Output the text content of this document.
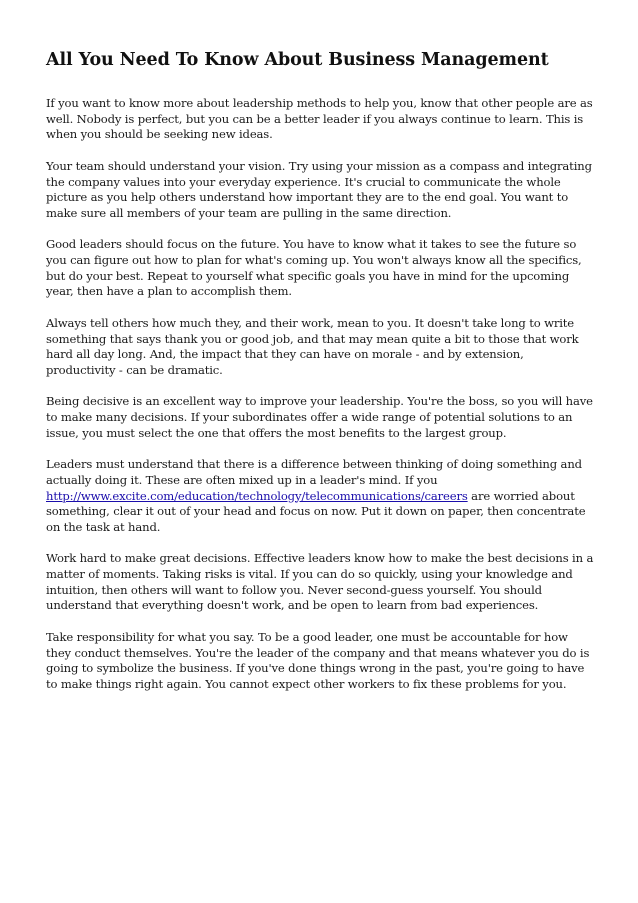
All You Need To Know About Business Management

If you want to know more about leadership methods to help you, know that other people are as well. Nobody is perfect, but you can be a better leader if you always continue to learn. This is when you should be seeking new ideas.

Your team should understand your vision. Try using your mission as a compass and integrating the company values into your everyday experience. It's crucial to communicate the whole picture as you help others understand how important they are to the end goal. You want to make sure all members of your team are pulling in the same direction.

Good leaders should focus on the future. You have to know what it takes to see the future so you can figure out how to plan for what's coming up. You won't always know all the specifics, but do your best. Repeat to yourself what specific goals you have in mind for the upcoming year, then have a plan to accomplish them.

Always tell others how much they, and their work, mean to you. It doesn't take long to write something that says thank you or good job, and that may mean quite a bit to those that work hard all day long. And, the impact that they can have on morale - and by extension, productivity - can be dramatic.

Being decisive is an excellent way to improve your leadership. You're the boss, so you will have to make many decisions. If your subordinates offer a wide range of potential solutions to an issue, you must select the one that offers the most benefits to the largest group.

Leaders must understand that there is a difference between thinking of doing something and actually doing it. These are often mixed up in a leader's mind. If you http://www.excite.com/education/technology/telecommunications/careers are worried about something, clear it out of your head and focus on now. Put it down on paper, then concentrate on the task at hand.

Work hard to make great decisions. Effective leaders know how to make the best decisions in a matter of moments. Taking risks is vital. If you can do so quickly, using your knowledge and intuition, then others will want to follow you. Never second-guess yourself. You should understand that everything doesn't work, and be open to learn from bad experiences.

Take responsibility for what you say. To be a good leader, one must be accountable for how they conduct themselves. You're the leader of the company and that means whatever you do is going to symbolize the business. If you've done things wrong in the past, you're going to have to make things right again. You cannot expect other workers to fix these problems for you.
